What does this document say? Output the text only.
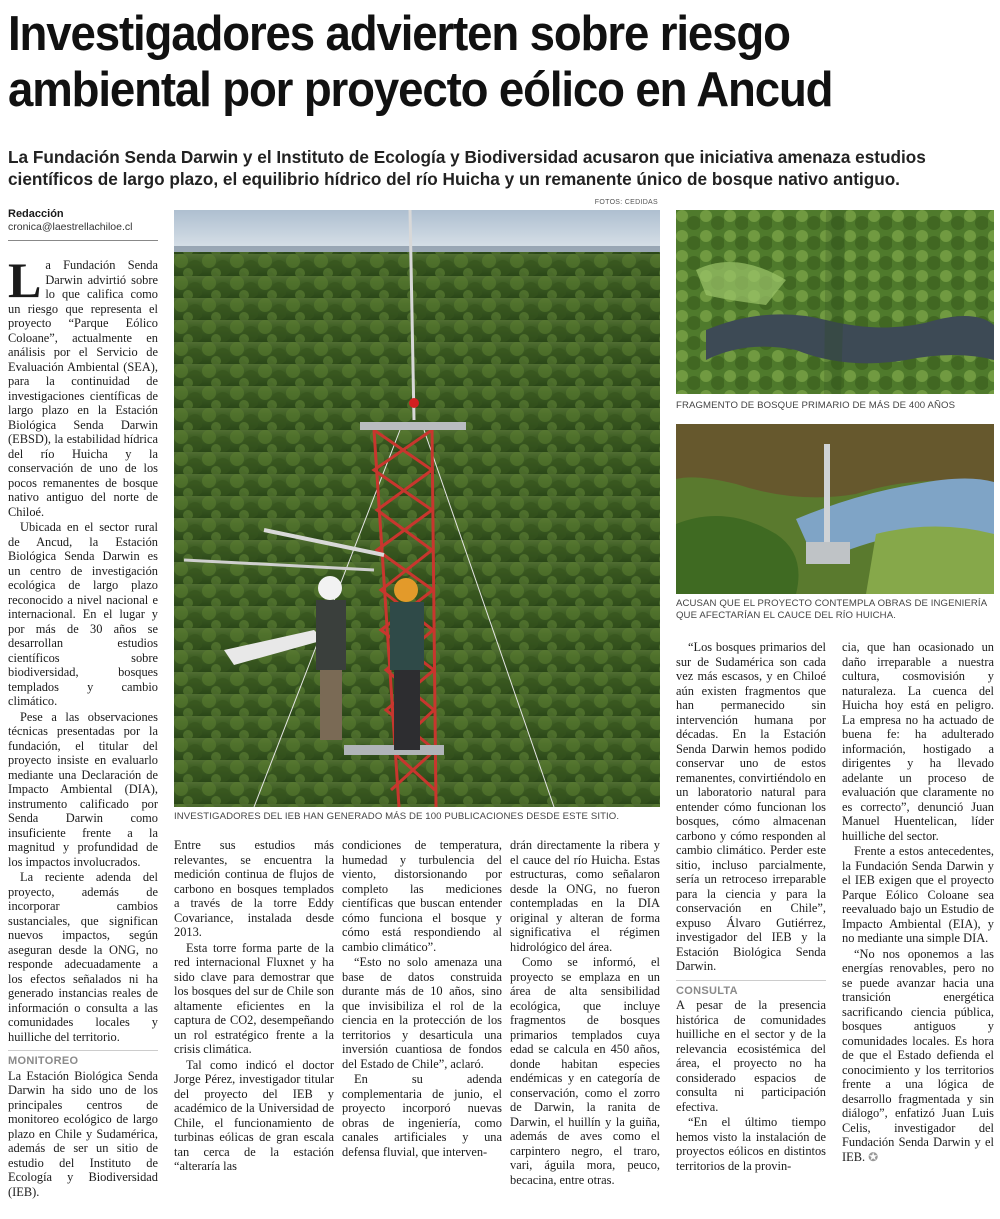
Investigadores advierten sobre riesgo
ambiental por proyecto eólico en Ancud
La Fundación Senda Darwin y el Instituto de Ecología y Biodiversidad acusaron que iniciativa amenaza estudios científicos de largo plazo, el equilibrio hídrico del río Huicha y un remanente único de bosque nativo antiguo.
Redacción
cronica@laestrellachiloe.cl
FOTOS: CEDIDAS
INVESTIGADORES DEL IEB HAN GENERADO MÁS DE 100 PUBLICACIONES DESDE ESTE SITIO.
FRAGMENTO DE BOSQUE PRIMARIO DE MÁS DE 400 AÑOS
ACUSAN QUE EL PROYECTO CONTEMPLA OBRAS DE INGENIERÍA QUE AFECTARÍAN EL CAUCE DEL RÍO HUICHA.

La Fundación Senda Darwin advirtió sobre lo que califica como un riesgo que representa el proyecto “Parque Eólico Coloane”, actualmente en análisis por el Servicio de Evaluación Ambiental (SEA), para la continuidad de investigaciones científicas de largo plazo en la Estación Biológica Senda Darwin (EBSD), la estabilidad hídrica del río Huicha y la conservación de uno de los pocos remanentes de bosque nativo antiguo del norte de Chiloé.

Ubicada en el sector rural de Ancud, la Estación Biológica Senda Darwin es un centro de investigación ecológica de largo plazo reconocido a nivel nacional e internacional. En el lugar y por más de 30 años se desarrollan estudios científicos sobre biodiversidad, bosques templados y cambio climático.

Pese a las observaciones técnicas presentadas por la fundación, el titular del proyecto insiste en evaluarlo mediante una Declaración de Impacto Ambiental (DIA), instrumento calificado por Senda Darwin como insuficiente frente a la magnitud y profundidad de los impactos involucrados.

La reciente adenda del proyecto, además de incorporar cambios sustanciales, que significan nuevos impactos, según aseguran desde la ONG, no responde adecuadamente a los efectos señalados ni ha generado instancias reales de información o consulta a las comunidades locales y huilliche del territorio.

MONITOREO

La Estación Biológica Senda Darwin ha sido uno de los principales centros de monitoreo ecológico de largo plazo en Chile y Sudamérica, además de ser un sitio de estudio del Instituto de Ecología y Biodiversidad (IEB).

Entre sus estudios más relevantes, se encuentra la medición continua de flujos de carbono en bosques templados a través de la torre Eddy Covariance, instalada desde 2013.

Esta torre forma parte de la red internacional Fluxnet y ha sido clave para demostrar que los bosques del sur de Chile son altamente eficientes en la captura de CO2, desempeñando un rol estratégico frente a la crisis climática.

Tal como indicó el doctor Jorge Pérez, investigador titular del proyecto del IEB y académico de la Universidad de Chile, el funcionamiento de turbinas eólicas de gran escala tan cerca de la estación “alteraría las

condiciones de temperatura, humedad y turbulencia del viento, distorsionando por completo las mediciones científicas que buscan entender cómo funciona el bosque y cómo está respondiendo al cambio climático”.

“Esto no solo amenaza una base de datos construida durante más de 10 años, sino que invisibiliza el rol de la ciencia en la protección de los territorios y desarticula una inversión cuantiosa de fondos del Estado de Chile”, aclaró.

En su adenda complementaria de junio, el proyecto incorporó nuevas obras de ingeniería, como canales artificiales y una defensa fluvial, que interven-

drán directamente la ribera y el cauce del río Huicha. Estas estructuras, como señalaron desde la ONG, no fueron contempladas en la DIA original y alteran de forma significativa el régimen hidrológico del área.

Como se informó, el proyecto se emplaza en un área de alta sensibilidad ecológica, que incluye fragmentos de bosques primarios templados cuya edad se calcula en 450 años, donde habitan especies endémicas y en categoría de conservación, como el zorro de Darwin, la ranita de Darwin, el huillín y la guiña, además de aves como el carpintero negro, el traro, vari, águila mora, peuco, becacina, entre otras.

“Los bosques primarios del sur de Sudamérica son cada vez más escasos, y en Chiloé aún existen fragmentos que han permanecido sin intervención humana por décadas. En la Estación Senda Darwin hemos podido conservar uno de estos remanentes, convirtiéndolo en un laboratorio natural para entender cómo funcionan los bosques, cómo almacenan carbono y cómo responden al cambio climático. Perder este sitio, incluso parcialmente, sería un retroceso irreparable para la ciencia y para la conservación en Chile”, expuso Álvaro Gutiérrez, investigador del IEB y la Estación Biológica Senda Darwin.

CONSULTA

A pesar de la presencia histórica de comunidades huilliche en el sector y de la relevancia ecosistémica del área, el proyecto no ha considerado espacios de consulta ni participación efectiva.

“En el último tiempo hemos visto la instalación de proyectos eólicos en distintos territorios de la provin-

cia, que han ocasionado un daño irreparable a nuestra cultura, cosmovisión y naturaleza. La cuenca del Huicha hoy está en peligro. La empresa no ha actuado de buena fe: ha adulterado información, hostigado a dirigentes y ha llevado adelante un proceso de evaluación que claramente no es correcto”, denunció Juan Manuel Huentelican, líder huilliche del sector.

Frente a estos antecedentes, la Fundación Senda Darwin y el IEB exigen que el proyecto Parque Eólico Coloane sea reevaluado bajo un Estudio de Impacto Ambiental (EIA), y no mediante una simple DIA.

“No nos oponemos a las energías renovables, pero no se puede avanzar hacia una transición energética sacrificando ciencia pública, bosques antiguos y comunidades locales. Es hora de que el Estado defienda el conocimiento y los territorios frente a una lógica de desarrollo fragmentada y sin diálogo”, enfatizó Juan Luis Celis, investigador del Fundación Senda Darwin y el IEB. ✪
